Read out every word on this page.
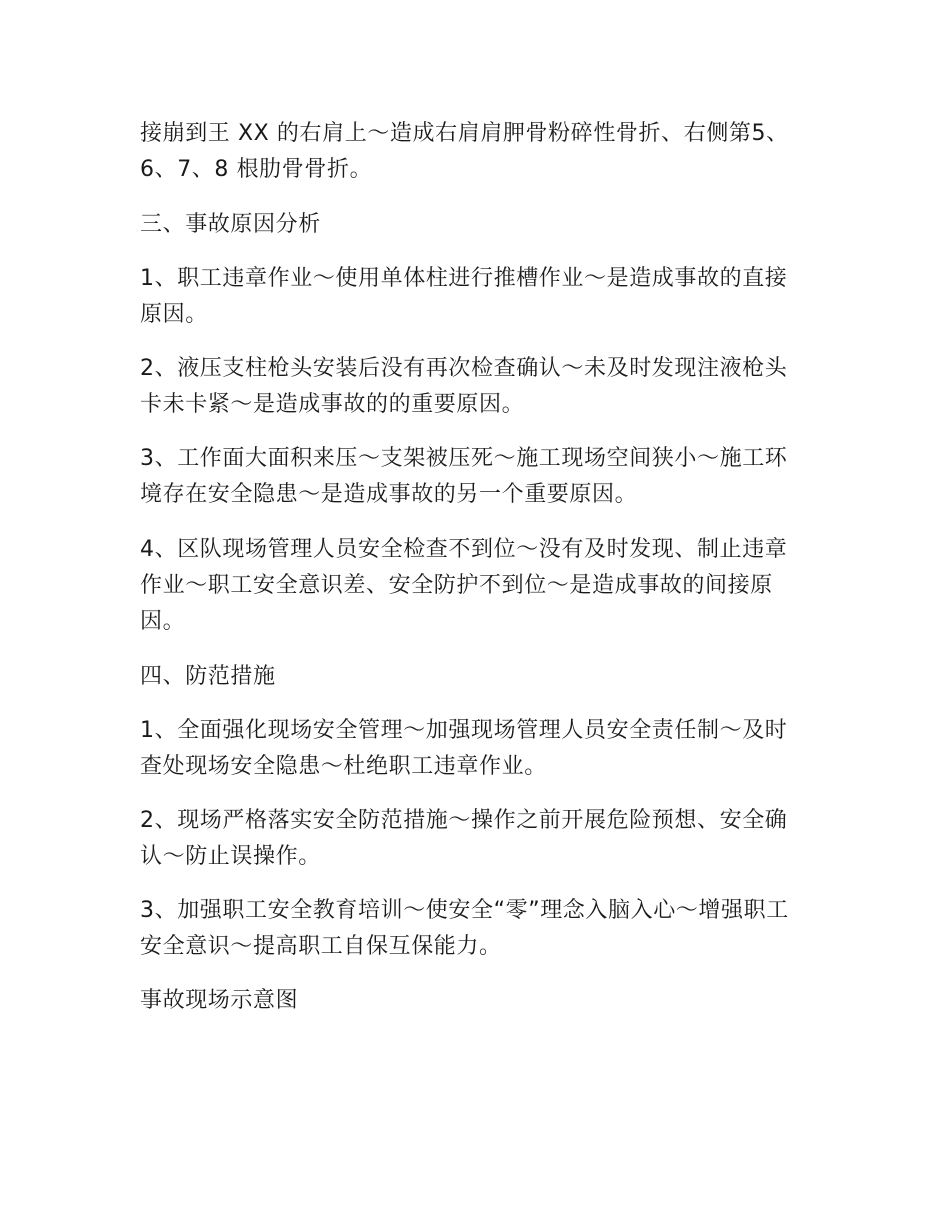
接崩到王 XX 的右肩上～造成右肩肩胛骨粉碎性骨折、右侧第5、6、7、8 根肋骨骨折。
三、事故原因分析
1、职工违章作业～使用单体柱进行推槽作业～是造成事故的直接原因。
2、液压支柱枪头安装后没有再次检查确认～未及时发现注液枪头卡未卡紧～是造成事故的的重要原因。
3、工作面大面积来压～支架被压死～施工现场空间狭小～施工环境存在安全隐患～是造成事故的另一个重要原因。
4、区队现场管理人员安全检查不到位～没有及时发现、制止违章作业～职工安全意识差、安全防护不到位～是造成事故的间接原因。
四、防范措施
1、全面强化现场安全管理～加强现场管理人员安全责任制～及时查处现场安全隐患～杜绝职工违章作业。
2、现场严格落实安全防范措施～操作之前开展危险预想、安全确认～防止误操作。
3、加强职工安全教育培训～使安全“零”理念入脑入心～增强职工安全意识～提高职工自保互保能力。
事故现场示意图
